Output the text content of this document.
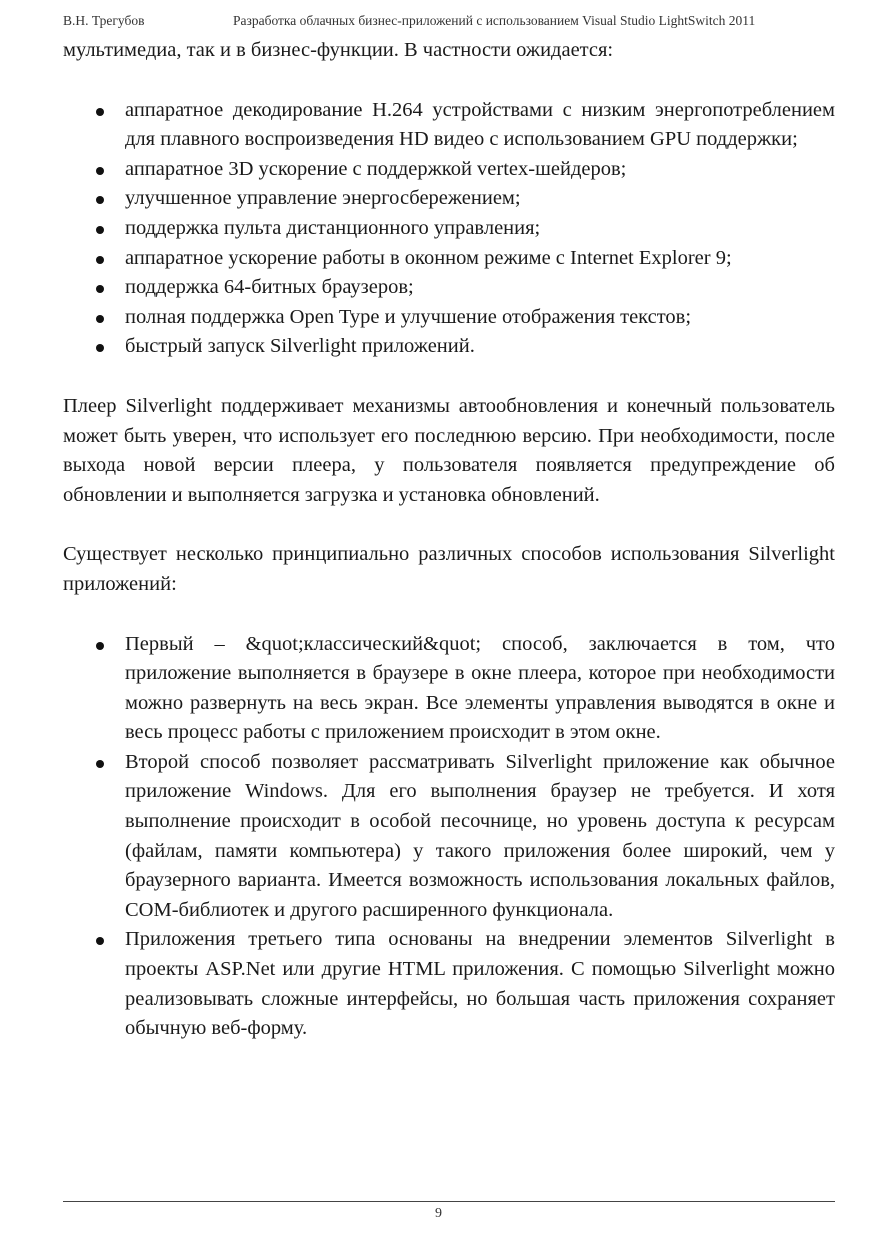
В.Н. Трегубов	Разработка облачных бизнес-приложений с использованием Visual Studio LightSwitch 2011

мультимедиа, так и в бизнес-функции. В частности ожидается:

аппаратное декодирование H.264 устройствами с низким энергопотреблением для плавного воспроизведения HD видео с использованием GPU поддержки;
аппаратное 3D ускорение с поддержкой vertex-шейдеров;
улучшенное управление энергосбережением;
поддержка пульта дистанционного управления;
аппаратное ускорение работы в оконном режиме с Internet Explorer 9;
поддержка 64-битных браузеров;
полная поддержка Open Type и улучшение отображения текстов;
быстрый запуск Silverlight приложений.

Плеер Silverlight поддерживает механизмы автообновления и конечный пользователь может быть уверен, что использует его последнюю версию. При необходимости, после выхода новой версии плеера, у пользователя появляется предупреждение об обновлении и выполняется загрузка и установка обновлений.

Существует несколько принципиально различных способов использования Silverlight приложений:

Первый – &quot;классический&quot; способ, заключается в том, что приложение выполняется в браузере в окне плеера, которое при необходимости можно развернуть на весь экран. Все элементы управления выводятся в окне и весь процесс работы с приложением происходит в этом окне.
Второй способ позволяет рассматривать Silverlight приложение как обычное приложение Windows. Для его выполнения браузер не требуется. И хотя выполнение происходит в особой песочнице, но уровень доступа к ресурсам (файлам, памяти компьютера) у такого приложения более широкий, чем у браузерного варианта. Имеется возможность использования локальных файлов, COM-библиотек и другого расширенного функционала.
Приложения третьего типа основаны на внедрении элементов Silverlight в проекты ASP.Net или другие HTML приложения. С помощью Silverlight можно реализовывать сложные интерфейсы, но большая часть приложения сохраняет обычную веб-форму.
9
